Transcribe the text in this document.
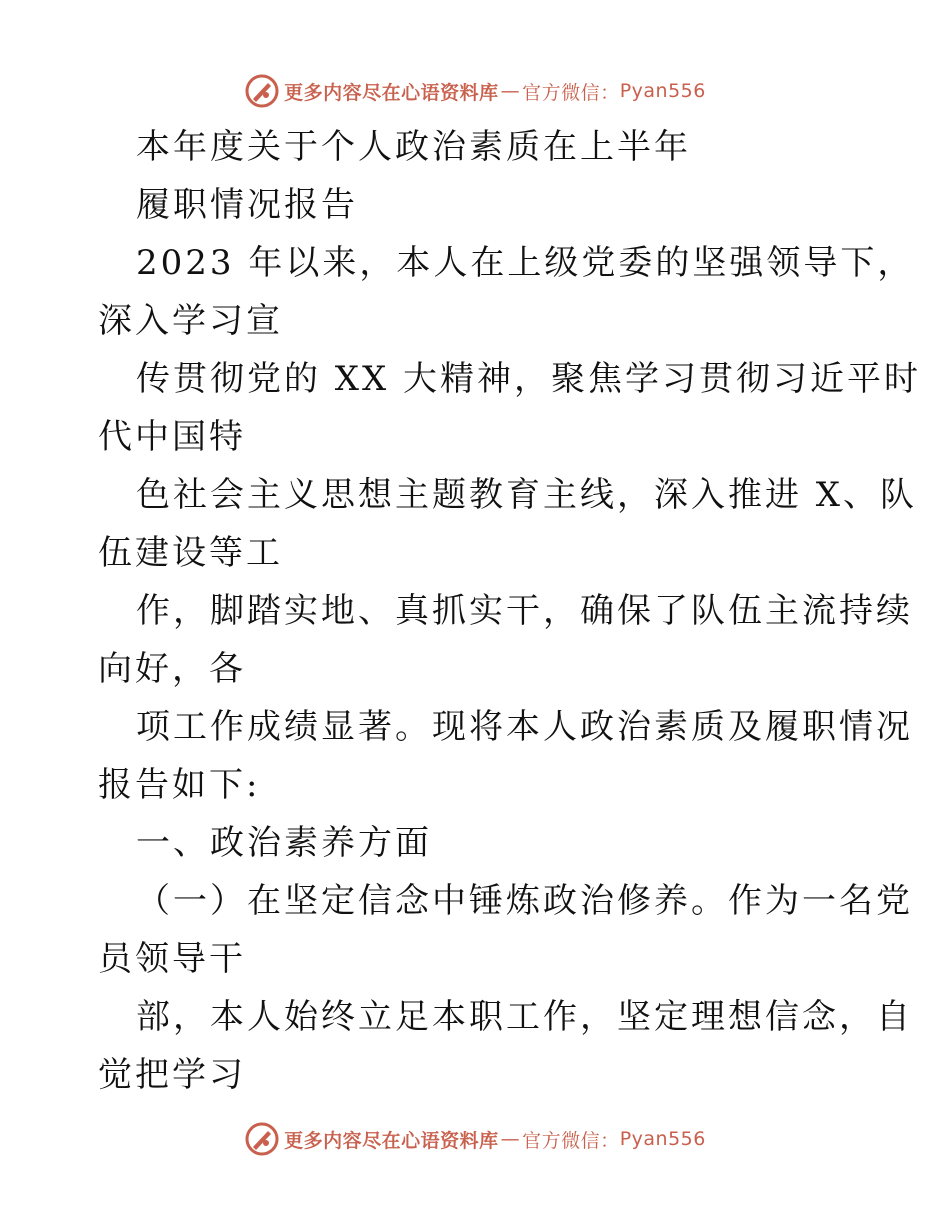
更多内容尽在心语资料库 — 官方微信： Pyan556
本年度关于个人政治素质在上半年
履职情况报告
2023 年以来，本人在上级党委的坚强领导下，
深入学习宣
传贯彻党的 XX 大精神，聚焦学习贯彻习近平时
代中国特
色社会主义思想主题教育主线，深入推进 X、队
伍建设等工
作，脚踏实地、真抓实干，确保了队伍主流持续
向好，各
项工作成绩显著。现将本人政治素质及履职情况
报告如下:
一、政治素养方面
（一）在坚定信念中锤炼政治修养。作为一名党
员领导干
部，本人始终立足本职工作，坚定理想信念，自
觉把学习
更多内容尽在心语资料库 — 官方微信： Pyan556
